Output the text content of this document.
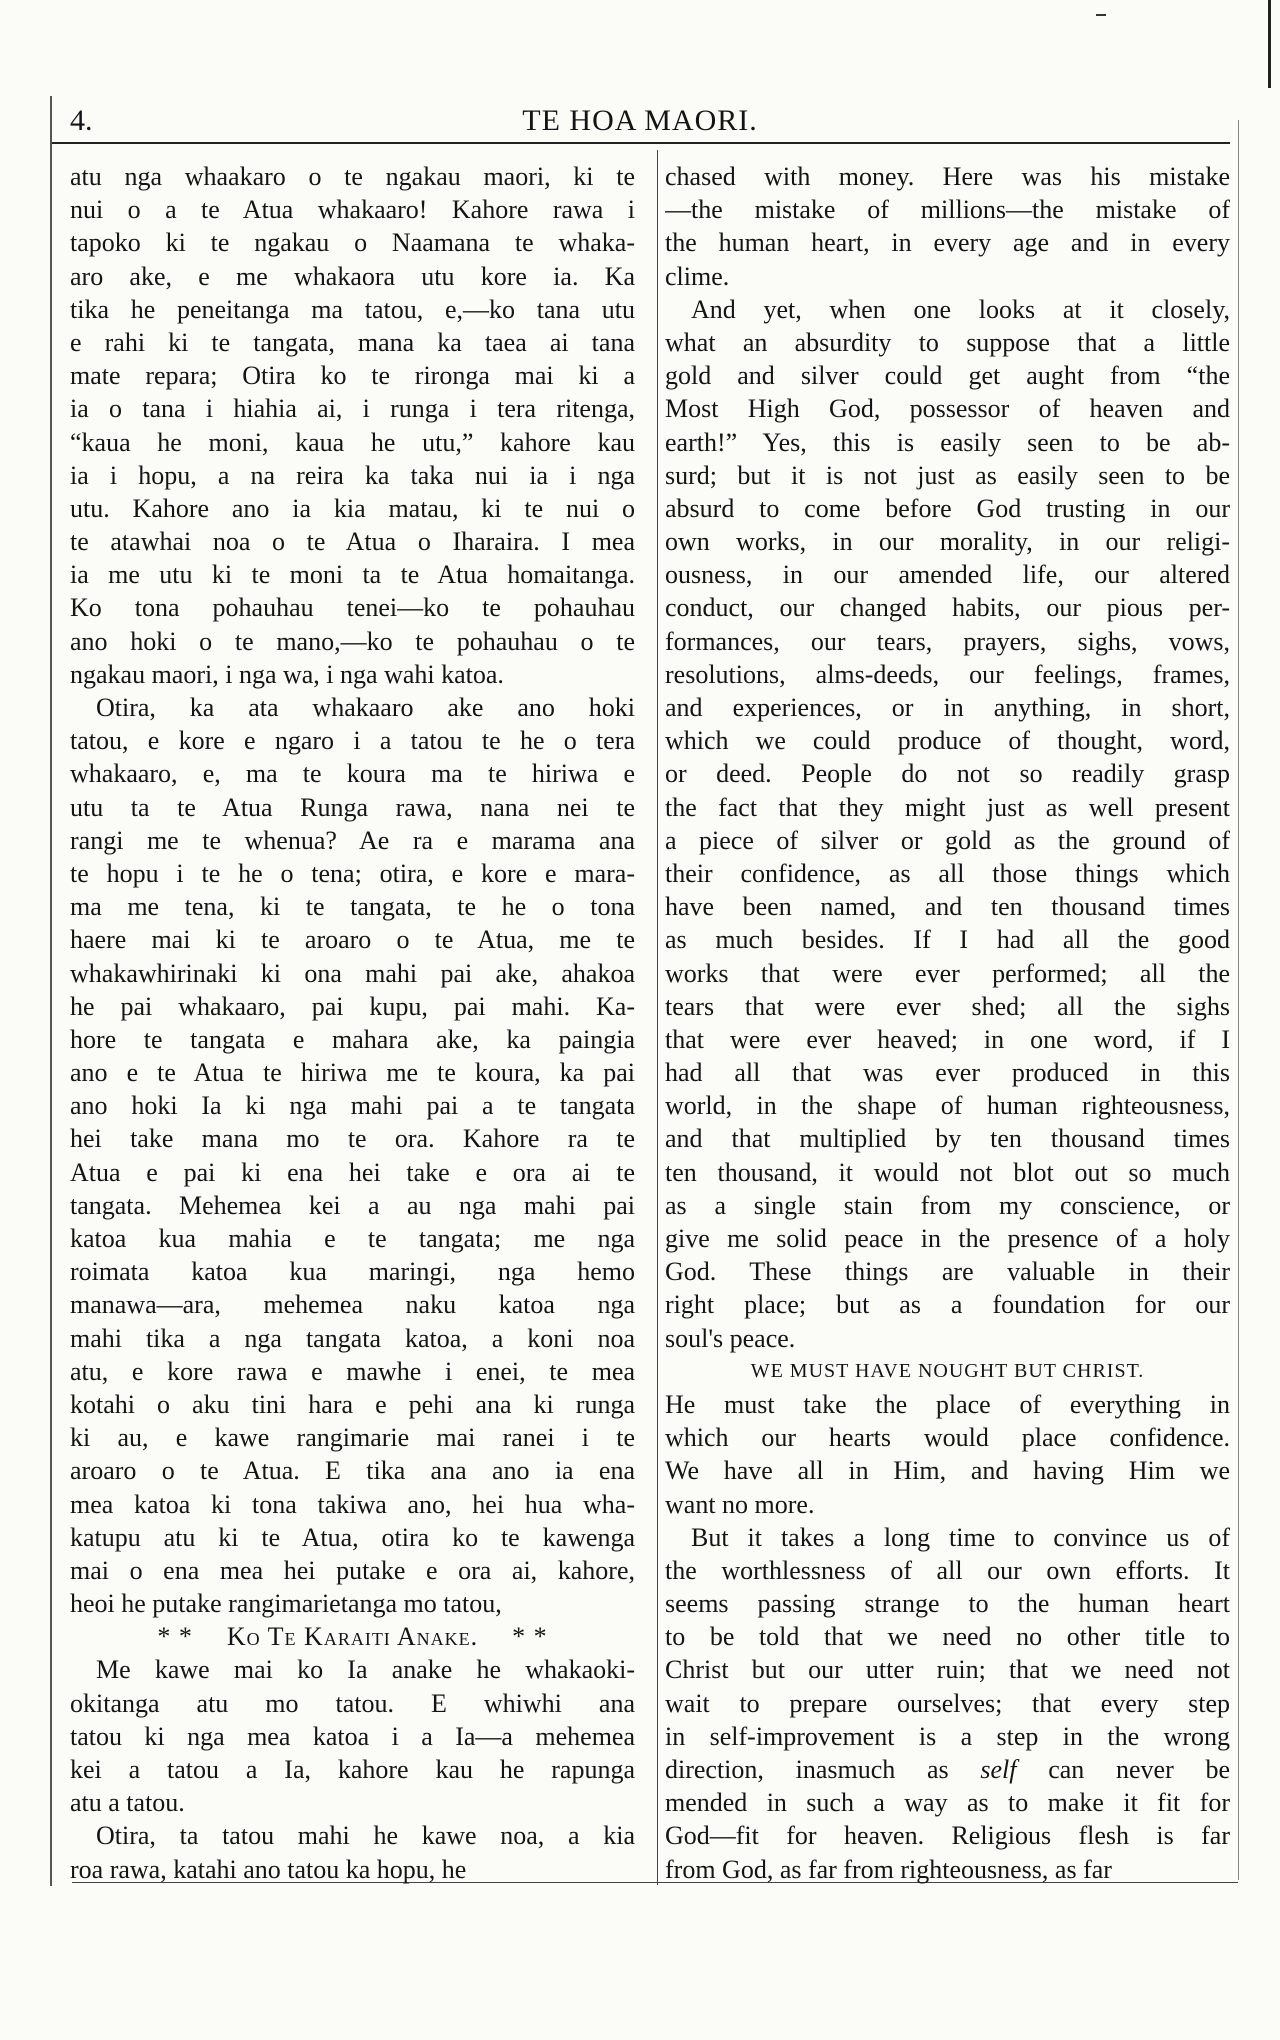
4.	TE HOA MAORI.
atu nga whaakaro o te ngakau maori, ki te
nui o a te Atua whakaaro! Kahore rawa i
tapoko ki te ngakau o Naamana te whaka-
aro ake, e me whakaora utu kore ia. Ka
tika he peneitanga ma tatou, e,—ko tana utu
e rahi ki te tangata, mana ka taea ai tana
mate repara; Otira ko te rironga mai ki a
ia o tana i hiahia ai, i runga i tera ritenga,
“kaua he moni, kaua he utu,” kahore kau
ia i hopu, a na reira ka taka nui ia i nga
utu. Kahore ano ia kia matau, ki te nui o
te atawhai noa o te Atua o Iharaira. I mea
ia me utu ki te moni ta te Atua homaitanga.
Ko tona pohauhau tenei—ko te pohauhau
ano hoki o te mano,—ko te pohauhau o te
ngakau maori, i nga wa, i nga wahi katoa.
Otira, ka ata whakaaro ake ano hoki
tatou, e kore e ngaro i a tatou te he o tera
whakaaro, e, ma te koura ma te hiriwa e
utu ta te Atua Runga rawa, nana nei te
rangi me te whenua? Ae ra e marama ana
te hopu i te he o tena; otira, e kore e mara-
ma me tena, ki te tangata, te he o tona
haere mai ki te aroaro o te Atua, me te
whakawhirinaki ki ona mahi pai ake, ahakoa
he pai whakaaro, pai kupu, pai mahi. Ka-
hore te tangata e mahara ake, ka paingia
ano e te Atua te hiriwa me te koura, ka pai
ano hoki Ia ki nga mahi pai a te tangata
hei take mana mo te ora. Kahore ra te
Atua e pai ki ena hei take e ora ai te
tangata. Mehemea kei a au nga mahi pai
katoa kua mahia e te tangata; me nga
roimata katoa kua maringi, nga hemo
manawa—ara, mehemea naku katoa nga
mahi tika a nga tangata katoa, a koni noa
atu, e kore rawa e mawhe i enei, te mea
kotahi o aku tini hara e pehi ana ki runga
ki au, e kawe rangimarie mai ranei i te
aroaro o te Atua. E tika ana ano ia ena
mea katoa ki tona takiwa ano, hei hua wha-
katupu atu ki te Atua, otira ko te kawenga
mai o ena mea hei putake e ora ai, kahore,
heoi he putake rangimarietanga mo tatou,
* * Ko Te Karaiti Anake. * *
Me kawe mai ko Ia anake he whakaoki-
okitanga atu mo tatou. E whiwhi ana
tatou ki nga mea katoa i a Ia—a mehemea
kei a tatou a Ia, kahore kau he rapunga
atu a tatou.
Otira, ta tatou mahi he kawe noa, a kia
roa rawa, katahi ano tatou ka hopu, he
chased with money. Here was his mistake
—the mistake of millions—the mistake of
the human heart, in every age and in every
clime.
And yet, when one looks at it closely,
what an absurdity to suppose that a little
gold and silver could get aught from “the
Most High God, possessor of heaven and
earth!” Yes, this is easily seen to be ab-
surd; but it is not just as easily seen to be
absurd to come before God trusting in our
own works, in our morality, in our religi-
ousness, in our amended life, our altered
conduct, our changed habits, our pious per-
formances, our tears, prayers, sighs, vows,
resolutions, alms-deeds, our feelings, frames,
and experiences, or in anything, in short,
which we could produce of thought, word,
or deed. People do not so readily grasp
the fact that they might just as well present
a piece of silver or gold as the ground of
their confidence, as all those things which
have been named, and ten thousand times
as much besides. If I had all the good
works that were ever performed; all the
tears that were ever shed; all the sighs
that were ever heaved; in one word, if I
had all that was ever produced in this
world, in the shape of human righteousness,
and that multiplied by ten thousand times
ten thousand, it would not blot out so much
as a single stain from my conscience, or
give me solid peace in the presence of a holy
God. These things are valuable in their
right place; but as a foundation for our
soul's peace.
WE MUST HAVE NOUGHT BUT CHRIST.
He must take the place of everything in
which our hearts would place confidence.
We have all in Him, and having Him we
want no more.
But it takes a long time to convince us of
the worthlessness of all our own efforts. It
seems passing strange to the human heart
to be told that we need no other title to
Christ but our utter ruin; that we need not
wait to prepare ourselves; that every step
in self-improvement is a step in the wrong
direction, inasmuch as self can never be
mended in such a way as to make it fit for
God—fit for heaven. Religious flesh is far
from God, as far from righteousness, as far
